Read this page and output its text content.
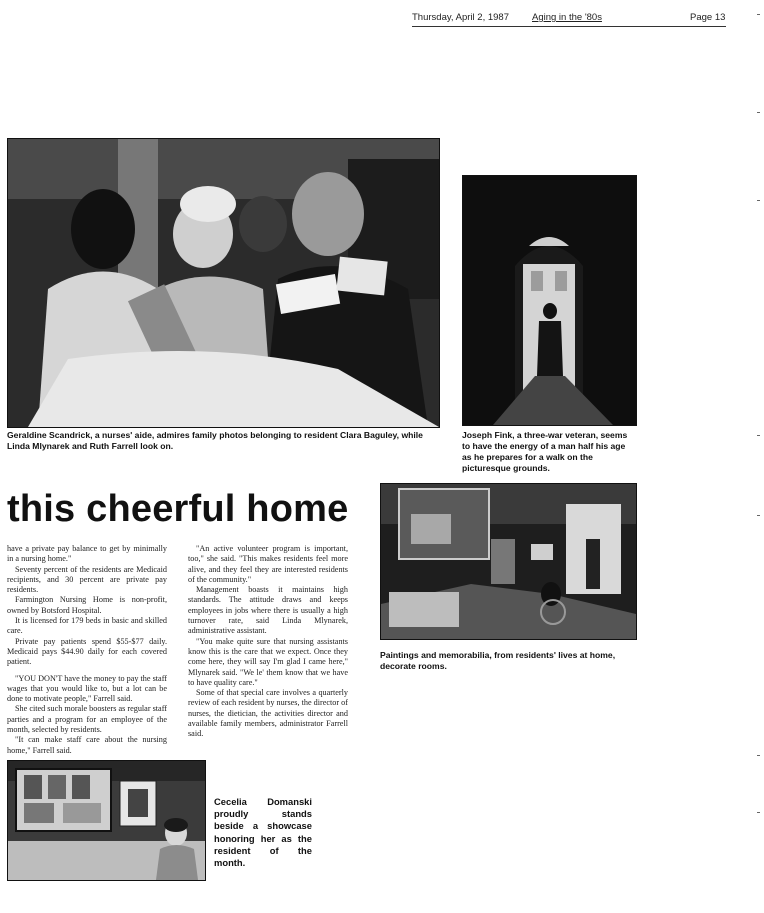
Thursday, April 2, 1987 Aging in the '80s	Page 13
Geraldine Scandrick, a nurses' aide, admires family photos belonging to resident Clara Baguley, while Linda Mlynarek and Ruth Farrell look on.
Joseph Fink, a three-war veteran, seems to have the energy of a man half his age as he prepares for a walk on the picturesque grounds.
this cheerful home
Paintings and memorabilia, from residents' lives at home, decorate rooms.

have a private pay balance to get by minimally in a nursing home."

Seventy percent of the residents are Medicaid recipients, and 30 percent are private pay residents.

Farmington Nursing Home is non-profit, owned by Botsford Hospital.

It is licensed for 179 beds in basic and skilled care.

Private pay patients spend $55-$77 daily. Medicaid pays $44.90 daily for each covered patient.

"YOU DON'T have the money to pay the staff wages that you would like to, but a lot can be done to motivate people," Farrell said.

She cited such morale boosters as regular staff parties and a program for an employee of the month, selected by residents.

"It can make staff care about the nursing home," Farrell said.

"An active volunteer program is important, too," she said. "This makes residents feel more alive, and they feel they are interested residents of the community."

Management boasts it maintains high standards. The attitude draws and keeps employees in jobs where there is usually a high turnover rate, said Linda Mlynarek, administrative assistant.

"You make quite sure that nursing assistants know this is the care that we expect. Once they come here, they will say I'm glad I came here," Mlynarek said. "We le' them know that we have to have quality care."

Some of that special care involves a quarterly review of each resident by nurses, the director of nurses, the dietician, the activities director and available family members, administrator Farrell said.

Cecelia Domanski proudly stands beside a showcase honoring her as the resident of the month.
